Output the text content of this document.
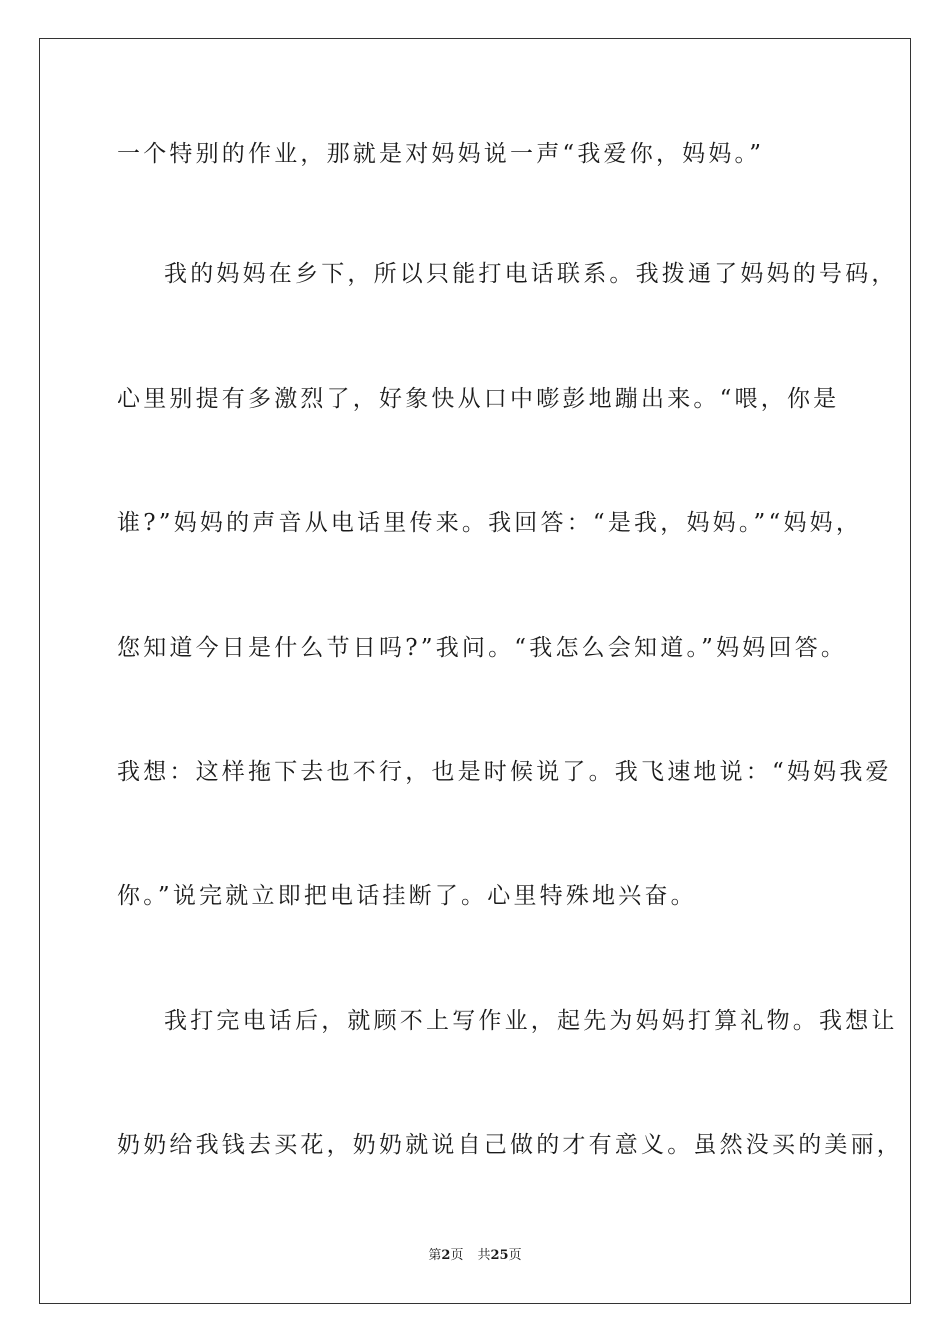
一个特别的作业，那就是对妈妈说一声“我爱你，妈妈。”
我的妈妈在乡下，所以只能打电话联系。我拨通了妈妈的号码，
心里别提有多激烈了，好象快从口中嘭彭地蹦出来。“喂，你是
谁?”妈妈的声音从电话里传来。我回答：“是我，妈妈。”“妈妈，
您知道今日是什么节日吗?”我问。“我怎么会知道。”妈妈回答。
我想：这样拖下去也不行，也是时候说了。我飞速地说：“妈妈我爱
你。”说完就立即把电话挂断了。心里特殊地兴奋。
我打完电话后，就顾不上写作业，起先为妈妈打算礼物。我想让
奶奶给我钱去买花，奶奶就说自己做的才有意义。虽然没买的美丽，
第2页 共25页
